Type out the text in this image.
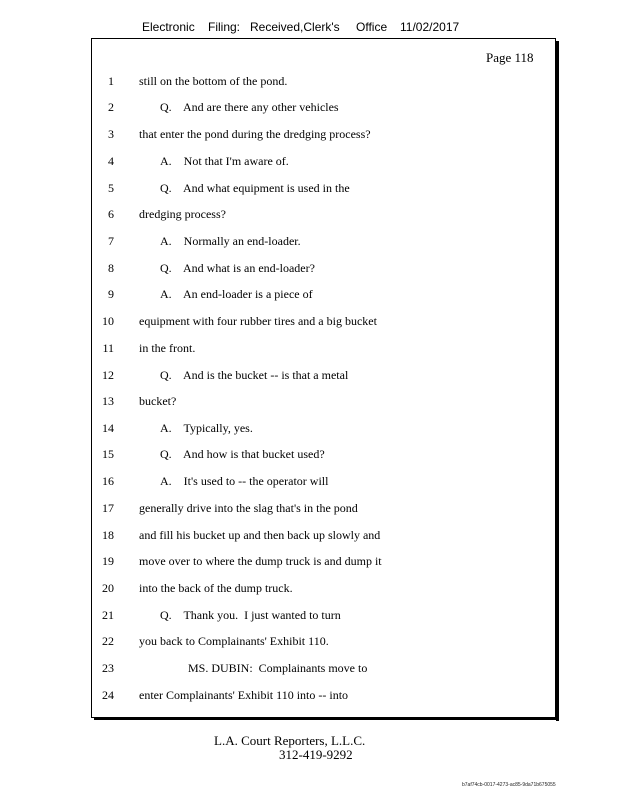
Electronic Filing: Received,Clerk's Office 11/02/2017
Page 118
1 still on the bottom of the pond.
2	Q.    And are there any other vehicles
3 that enter the pond during the dredging process?
4	A.    Not that I'm aware of.
5	Q.    And what equipment is used in the
6 dredging process?
7	A.    Normally an end-loader.
8	Q.    And what is an end-loader?
9	A.    An end-loader is a piece of
10 equipment with four rubber tires and a big bucket
11 in the front.
12	Q.    And is the bucket -- is that a metal
13 bucket?
14	A.    Typically, yes.
15	Q.    And how is that bucket used?
16	A.    It's used to -- the operator will
17 generally drive into the slag that's in the pond
18 and fill his bucket up and then back up slowly and
19 move over to where the dump truck is and dump it
20 into the back of the dump truck.
21	Q.    Thank you.  I just wanted to turn
22 you back to Complainants' Exhibit 110.
23	MS. DUBIN:  Complainants move to
24 enter Complainants' Exhibit 110 into -- into
L.A. Court Reporters, L.L.C.
312-419-9292
b7af74cb-0017-4273-ac85-9da71b675055
